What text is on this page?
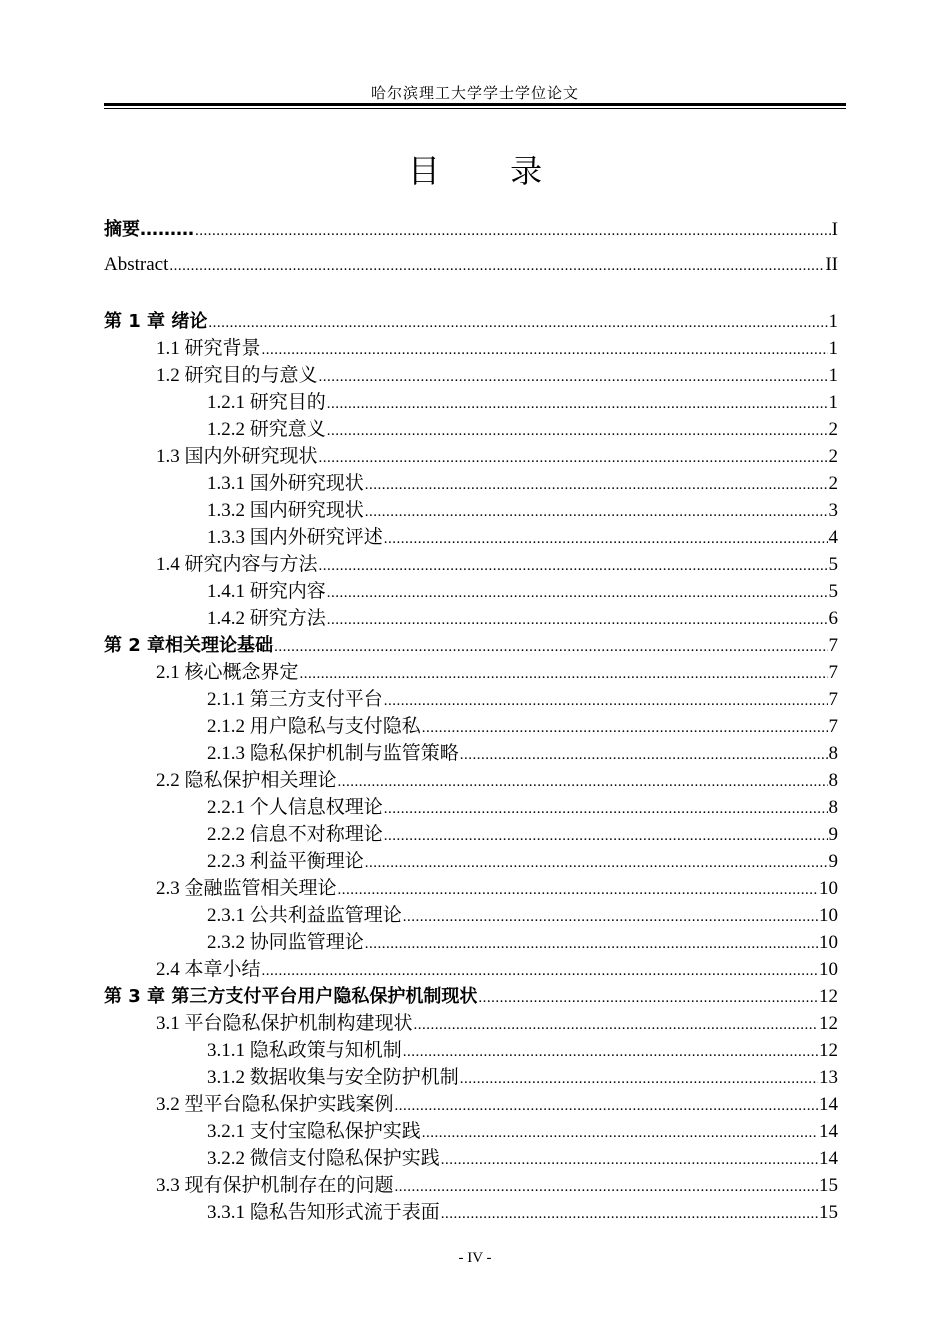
哈尔滨理工大学学士学位论文
目 录
摘要……… .....	I
Abstract .....	II
第 1 章 绪论 .....	1
1.1 研究背景 .....	1
1.2 研究目的与意义 .....	1
1.2.1 研究目的 .....	1
1.2.2 研究意义 .....	2
1.3 国内外研究现状 .....	2
1.3.1 国外研究现状 .....	2
1.3.2 国内研究现状 .....	3
1.3.3 国内外研究评述 .....	4
1.4 研究内容与方法 .....	5
1.4.1 研究内容 .....	5
1.4.2 研究方法 .....	6
第 2 章相关理论基础 .....	7
2.1 核心概念界定 .....	7
2.1.1 第三方支付平台 .....	7
2.1.2 用户隐私与支付隐私 .....	7
2.1.3 隐私保护机制与监管策略 .....	8
2.2 隐私保护相关理论 .....	8
2.2.1 个人信息权理论 .....	8
2.2.2 信息不对称理论 .....	9
2.2.3 利益平衡理论 .....	9
2.3 金融监管相关理论 .....	10
2.3.1 公共利益监管理论 .....	10
2.3.2 协同监管理论 .....	10
2.4 本章小结 .....	10
第 3 章 第三方支付平台用户隐私保护机制现状 .....	12
3.1 平台隐私保护机制构建现状 .....	12
3.1.1 隐私政策与知机制 .....	12
3.1.2 数据收集与安全防护机制 .....	13
3.2 型平台隐私保护实践案例 .....	14
3.2.1 支付宝隐私保护实践 .....	14
3.2.2 微信支付隐私保护实践 .....	14
3.3 现有保护机制存在的问题 .....	15
3.3.1 隐私告知形式流于表面 .....	15
- IV -
